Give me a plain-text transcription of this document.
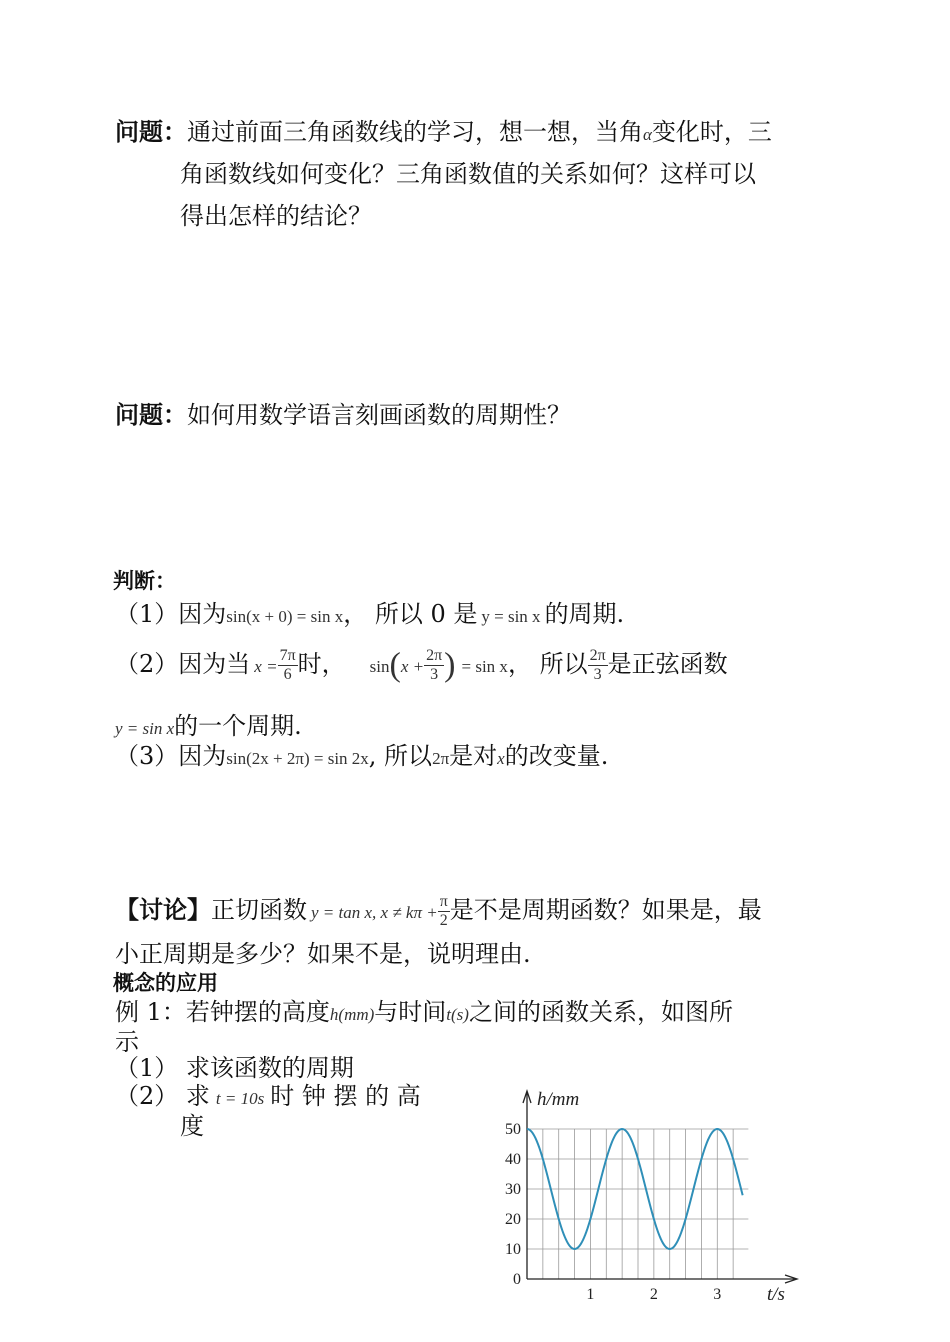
问题：通过前面三角函数线的学习，想一想，当角α变化时，三
角函数线如何变化？三角函数值的关系如何？这样可以
得出怎样的结论？
问题：如何用数学语言刻画函数的周期性？
判断：
（1）因为sin(x + 0) = sin x， 所以 0 是 y = sin x 的周期.
（2）因为当 $x = \frac{7\pi}{6}$ 时， $\sin(x + \frac{2\pi}{3}$ ) = sin x， 所以 $\frac{2\pi}{3}$ 是正弦函数
y = sin x的一个周期.
（3）因为sin(2x + 2π) = sin 2x, 所以2π是对x的改变量.
【讨论】正切函数 y = tan x, $x \ne k\pi + \frac{\pi}{2}$ 是不是周期函数？如果是，最
小正周期是多少？如果不是，说明理由.
概念的应用
例 1：若钟摆的高度h(mm)与时间t(s)之间的函数关系，如图所
示
（1） 求该函数的周期
（2） 求 t = 10s 时 钟 摆 的 高
度
0
10
20
30
40
50
1	2	3
h/mm
t/s
